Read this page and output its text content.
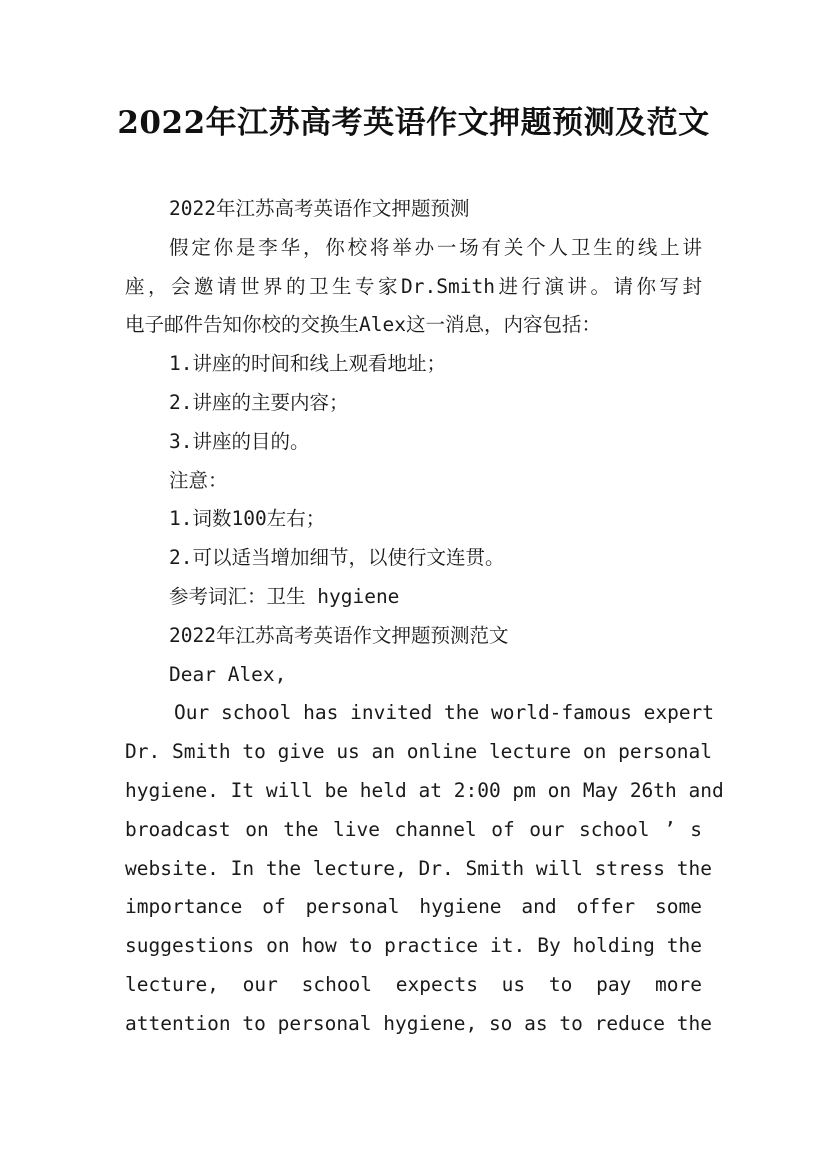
2022年江苏高考英语作文押题预测及范文

2022年江苏高考英语作文押题预测

假定你是李华，你校将举办一场有关个人卫生的线上讲
座，会邀请世界的卫生专家Dr.Smith进行演讲。请你写封
电子邮件告知你校的交换生Alex这一消息，内容包括：

1.讲座的时间和线上观看地址；

2.讲座的主要内容；

3.讲座的目的。

注意：

1.词数100左右；

2.可以适当增加细节，以使行文连贯。

参考词汇：卫生 hygiene

2022年江苏高考英语作文押题预测范文

Dear Alex,

Our school has invited the world-famous expert
Dr. Smith to give us an online lecture on personal
hygiene. It will be held at 2:00 pm on May 26th and
broadcast on the live channel of our school ’ s
website. In the lecture, Dr. Smith will stress the
importance of personal hygiene and offer some
suggestions on how to practice it. By holding the
lecture, our school expects us to pay more
attention to personal hygiene, so as to reduce the
